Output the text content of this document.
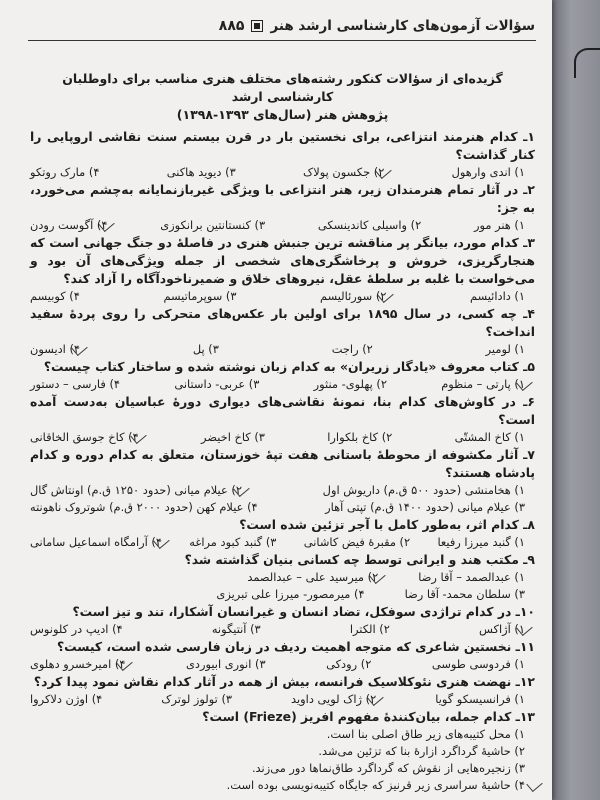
سؤالات آزمون‌های کارشناسی ارشد هنر
۸۸۵
گزیده‌ای از سؤالات کنکور رشته‌های مختلف هنری مناسب برای داوطلبان کارشناسی ارشد
پژوهش هنر (سال‌های ۱۳۹۳-۱۳۹۸)
۱ـ کدام هنرمند انتزاعی، برای نخستین بار در قرن بیستم سنت نقاشی اروپایی را کنار گذاشت؟
۱) اندی وارهول
۲) جکسون پولاک
۳) دیوید هاکنی
۴) مارک روتکو
۲ـ در آثار تمام هنرمندان زیر، هنر انتزاعی با ویژگی غیربازنمایانه به‌چشم می‌خورد، به جز:
۱) هنر مور
۲) واسیلی کاندینسکی
۳) کنستانتین برانکوزی
۴) آگوست رودن
۳ـ کدام مورد، بیانگر پر مناقشه ترین جنبش هنری در فاصلهٔ دو جنگ جهانی است که هنجارگریزی، خروش و پرخاشگری‌های شخصی از جمله ویژگی‌های آن بود و می‌خواست با غلبه بر سلطهٔ عقل، نیروهای خلاق و ضمیرناخودآگاه را آزاد کند؟
۱) دادائیسم
۲) سورئالیسم
۳) سوپرماتیسم
۴) کوبیسم
۴ـ چه کسی، در سال ۱۸۹۵ برای اولین بار عکس‌های متحرکی را روی پردهٔ سفید انداخت؟
۱) لومیر
۲) راجت
۳) پل
۴) ادیسون
۵ـ کتاب معروف «یادگار زریران» به کدام زبان نوشته شده و ساختار کتاب چیست؟
۱) پارتی – منظوم
۲) پهلوی- منثور
۳) عربی- داستانی
۴) فارسی – دستور
۶ـ در کاوش‌های کدام بنا، نمونهٔ نقاشی‌های دیواری دورهٔ عباسیان به‌دست آمده است؟
۱) کاخ المشتّی
۲) کاخ بلکوارا
۳) کاخ اخیضر
۴) کاخ جوسق الخاقانی
۷ـ آثار مکشوفه از محوطهٔ باستانی هفت تپهٔ خوزستان، متعلق به کدام دوره و کدام پادشاه هستند؟
۱) هخامنشی (حدود ۵۰۰ ق.م) داریوش اول
۲) عیلام میانی (حدود ۱۲۵۰ ق.م) اونتاش گال
۳) عیلام میانی (حدود ۱۴۰۰ ق.م) تپتی آهار
۴) عیلام کهن (حدود ۲۰۰۰ ق.م) شوتروک ناهونته
۸ـ کدام اثر، به‌طور کامل با آجر تزئین شده است؟
۱) گنبد میرزا رفیعا
۲) مقبرهٔ فیض کاشانی
۳) گنبد کبود مراغه
۴) آرامگاه اسماعیل سامانی
۹ـ مکتب هند و ایرانی توسط چه کسانی بنیان گذاشته شد؟
۱) عبدالصمد – آقا رضا
۲) میرسید علی – عبدالصمد
۳) سلطان محمد- آقا رضا
۴) میرمصور- میرزا علی تبریزی
۱۰ـ در کدام تراژدی سوفکل، تضاد انسان و غیرانسان آشکارا، تند و تیز است؟
۱) آژاکس
۲) الکترا
۳) آنتیگونه
۴) ادیپ در کلونوس
۱۱ـ نخستین شاعری که متوجه اهمیت ردیف در زبان فارسی شده است، کیست؟
۱) فردوسی طوسی
۲) رودکی
۳) انوری ابیوردی
۴) امیرخسرو دهلوی
۱۲ـ نهضت هنری نئوکلاسیک فرانسه، بیش از همه در آثار کدام نقاش نمود پیدا کرد؟
۱) فرانسیسکو گویا
۲) ژاک لویی داوید
۳) تولوز لوترک
۴) اوژن دلاکروا
۱۳ـ کدام جمله، بیان‌کنندهٔ مفهوم افریز (Frieze) است؟
۱) محل کتیبه‌های زیر طاق اصلی بنا است.
۲) حاشیهٔ گرداگرد ازارهٔ بنا که تزئین می‌شد.
۳) زنجیره‌هایی از نقوش که گرداگرد طاق‌نماها دور می‌زند.
۴) حاشیهٔ سراسری زیر قرنیز که جایگاه کتیبه‌نویسی بوده است.
